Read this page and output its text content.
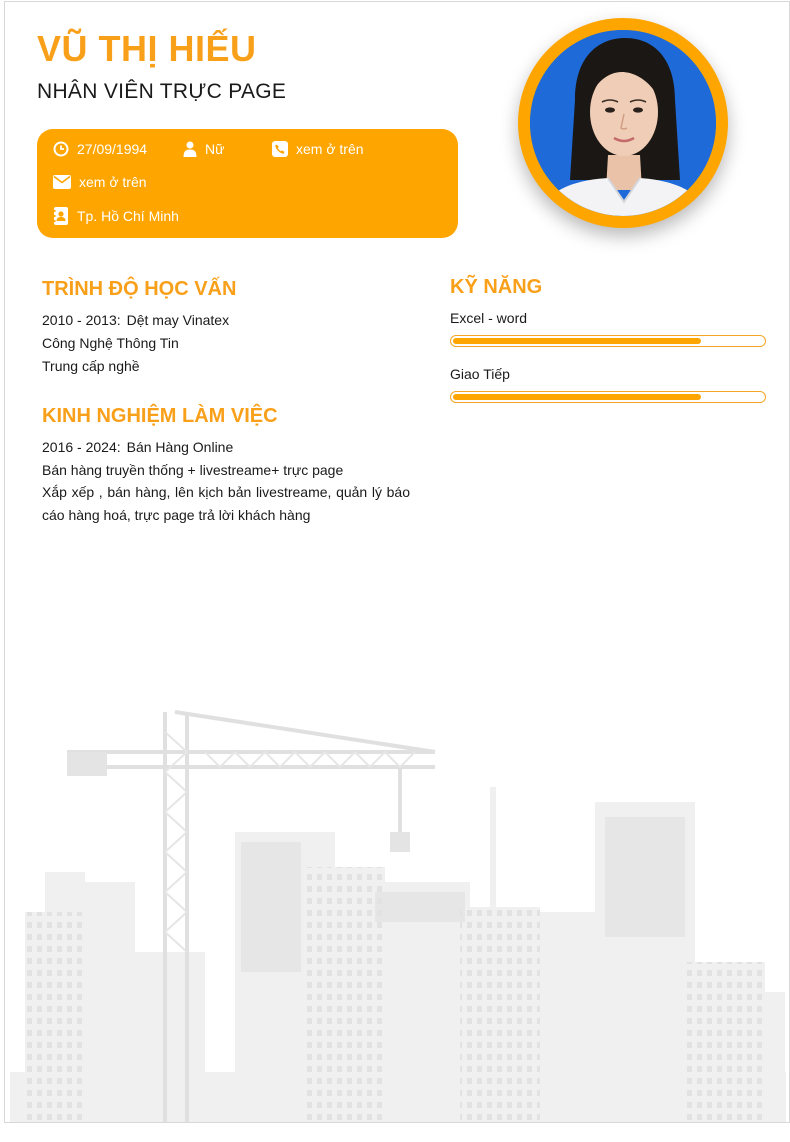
VŨ THỊ HIẾU
NHÂN VIÊN TRỰC PAGE
27/09/1994	Nữ	xem ở trên
xem ở trên
Tp. Hồ Chí Minh
TRÌNH ĐỘ HỌC VẤN
2010 - 2013: Dệt may Vinatex
Công Nghệ Thông Tin
Trung cấp nghề
KINH NGHIỆM LÀM VIỆC
2016 - 2024: Bán Hàng Online
Bán hàng truyền thống + livestreame+ trực page
Xắp xếp , bán hàng, lên kịch bản livestreame, quản lý báo cáo hàng hoá, trực page trả lời khách hàng
KỸ NĂNG
Excel - word
Giao Tiếp
